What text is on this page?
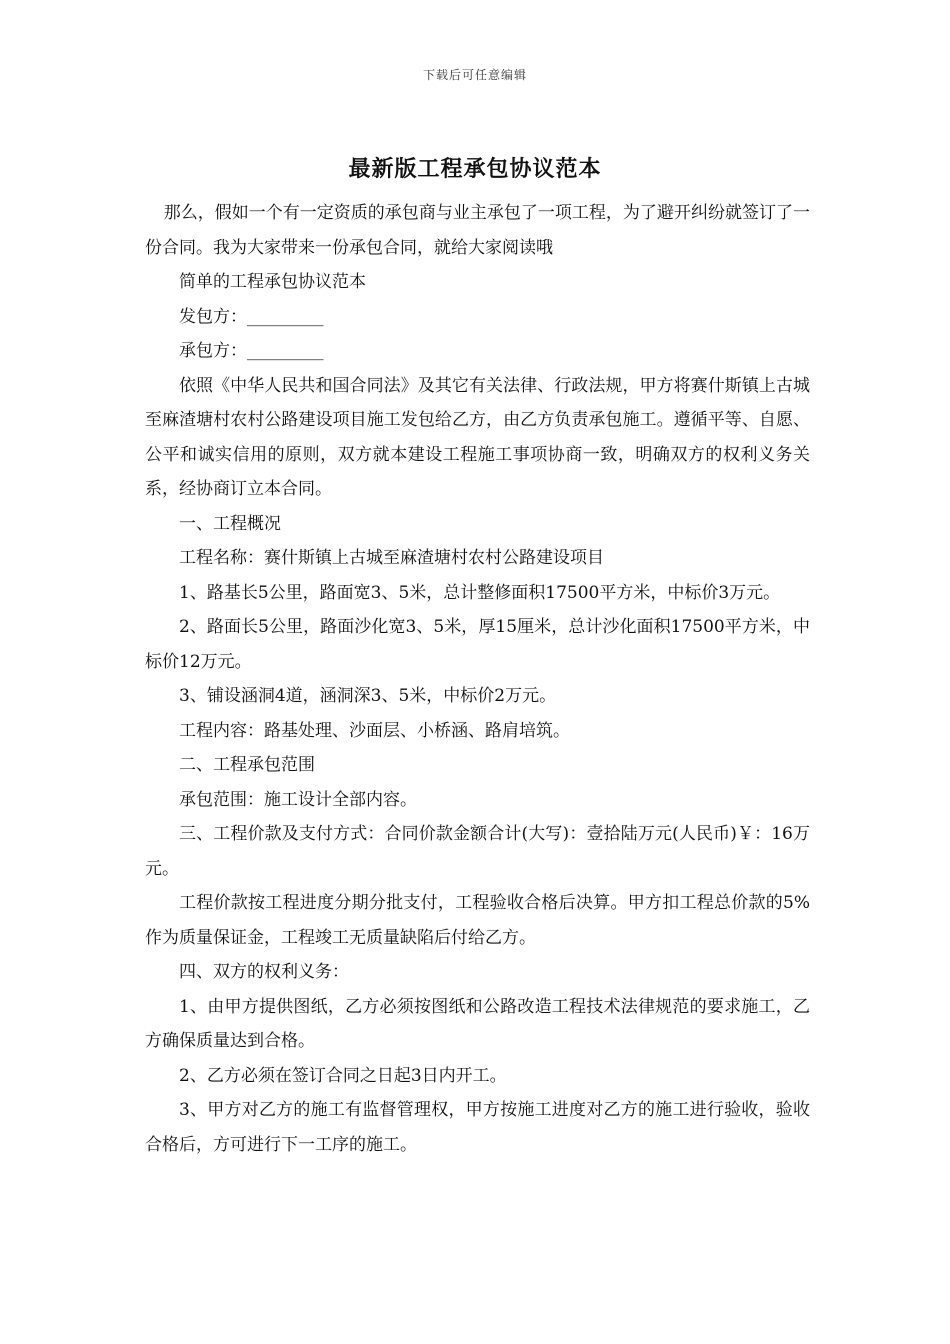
下载后可任意编辑
最新版工程承包协议范本

那么，假如一个有一定资质的承包商与业主承包了一项工程，为了避开纠纷就签订了一份合同。我为大家带来一份承包合同，就给大家阅读哦

简单的工程承包协议范本

发包方：_________

承包方：_________

依照《中华人民共和国合同法》及其它有关法律、行政法规，甲方将赛什斯镇上古城至麻渣塘村农村公路建设项目施工发包给乙方，由乙方负责承包施工。遵循平等、自愿、公平和诚实信用的原则，双方就本建设工程施工事项协商一致，明确双方的权利义务关系，经协商订立本合同。

一、工程概况

工程名称：赛什斯镇上古城至麻渣塘村农村公路建设项目

1、路基长5公里，路面宽3、5米，总计整修面积17500平方米，中标价3万元。

2、路面长5公里，路面沙化宽3、5米，厚15厘米，总计沙化面积17500平方米，中标价12万元。

3、铺设涵洞4道，涵洞深3、5米，中标价2万元。

工程内容：路基处理、沙面层、小桥涵、路肩培筑。

二、工程承包范围

承包范围：施工设计全部内容。

三、工程价款及支付方式：合同价款金额合计(大写)：壹拾陆万元(人民币)￥：16万元。

工程价款按工程进度分期分批支付，工程验收合格后决算。甲方扣工程总价款的5%作为质量保证金，工程竣工无质量缺陷后付给乙方。

四、双方的权利义务：

1、由甲方提供图纸，乙方必须按图纸和公路改造工程技术法律规范的要求施工，乙方确保质量达到合格。

2、乙方必须在签订合同之日起3日内开工。

3、甲方对乙方的施工有监督管理权，甲方按施工进度对乙方的施工进行验收，验收合格后，方可进行下一工序的施工。
